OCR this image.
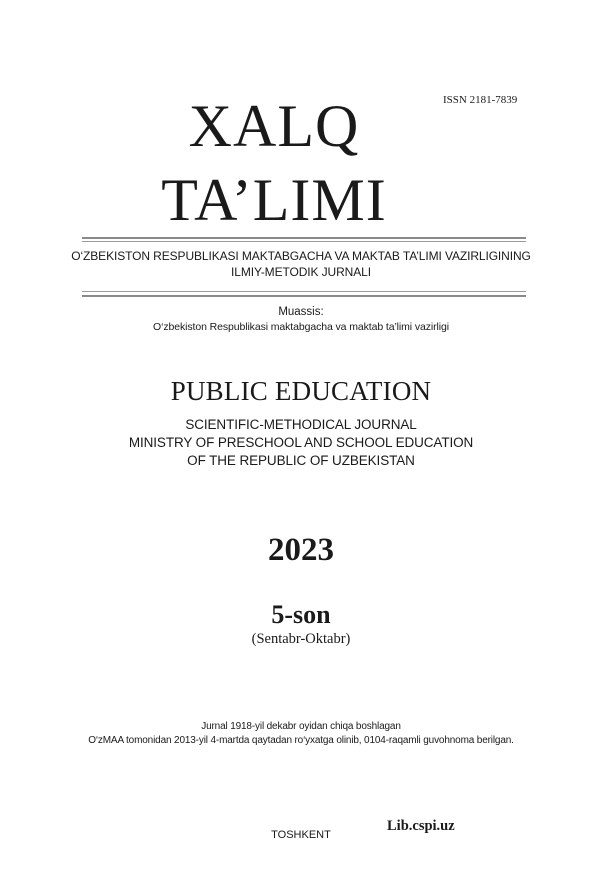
ISSN 2181-7839
XALQ
TA’LIMI
O‘ZBEKISTON RESPUBLIKASI MAKTABGACHA VA MAKTAB TA’LIMI VAZIRLIGINING
ILMIY-METODIK JURNALI
Muassis:
O‘zbekiston Respublikasi maktabgacha va maktab ta’limi vazirligi
PUBLIC EDUCATION
SCIENTIFIC-METHODICAL JOURNAL
MINISTRY OF PRESCHOOL AND SCHOOL EDUCATION
OF THE REPUBLIC OF UZBEKISTAN
2023
5-son
(Sentabr-Oktabr)
Jurnal 1918-yil dekabr oyidan chiqa boshlagan
O‘zMAA tomonidan 2013-yil 4-martda qaytadan ro‘yxatga olinib, 0104-raqamli guvohnoma berilgan.
TOSHKENT
Lib.cspi.uz
